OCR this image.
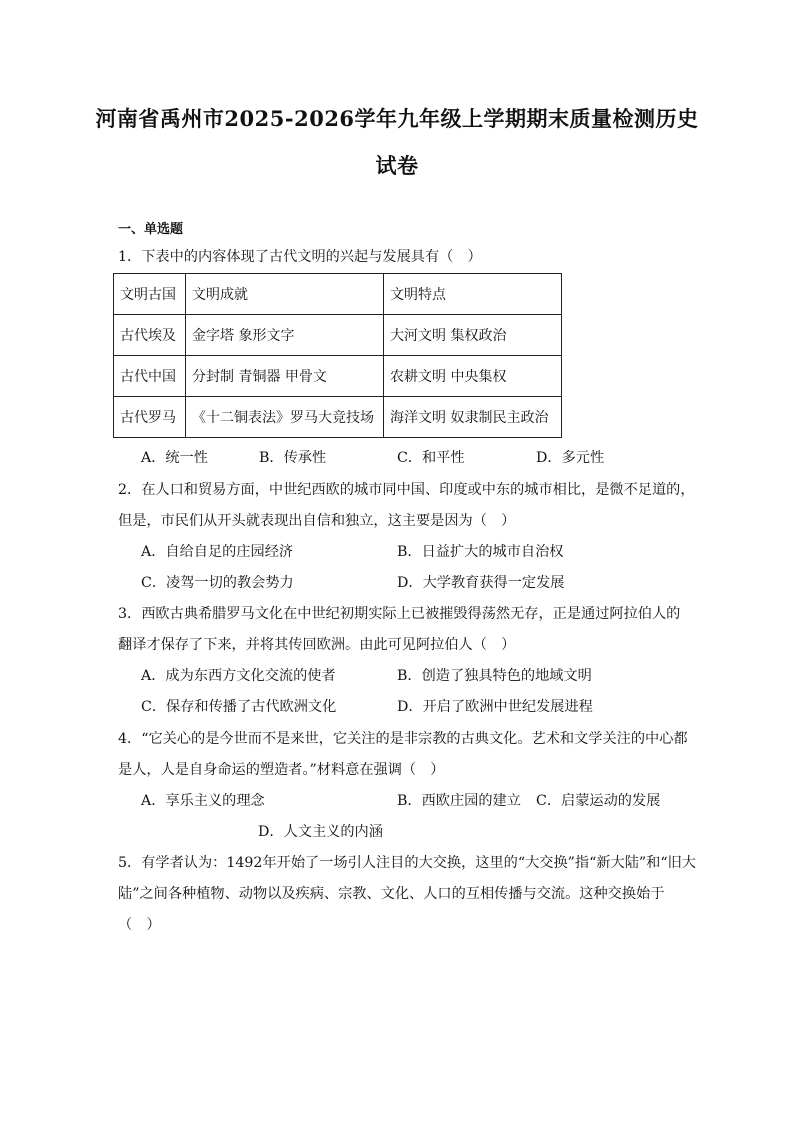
河南省禹州市2025-2026学年九年级上学期期末质量检测历史
试卷
一、单选题
1．下表中的内容体现了古代文明的兴起与发展具有（　）
文明古国	文明成就	文明特点
古代埃及	金字塔 象形文字	大河文明 集权政治
古代中国	分封制 青铜器 甲骨文	农耕文明 中央集权
古代罗马	《十二铜表法》罗马大竞技场	海洋文明 奴隶制民主政治
A．统一性	B．传承性	C．和平性	D．多元性
2．在人口和贸易方面，中世纪西欧的城市同中国、印度或中东的城市相比，是微不足道的，
但是，市民们从开头就表现出自信和独立，这主要是因为（　）
A．自给自足的庄园经济	B．日益扩大的城市自治权
C．凌驾一切的教会势力	D．大学教育获得一定发展
3．西欧古典希腊罗马文化在中世纪初期实际上已被摧毁得荡然无存，正是通过阿拉伯人的
翻译才保存了下来，并将其传回欧洲。由此可见阿拉伯人（　）
A．成为东西方文化交流的使者	B．创造了独具特色的地域文明
C．保存和传播了古代欧洲文化	D．开启了欧洲中世纪发展进程
4．“它关心的是今世而不是来世，它关注的是非宗教的古典文化。艺术和文学关注的中心都
是人，人是自身命运的塑造者。”材料意在强调（　）
A．享乐主义的理念	B．西欧庄园的建立 C．启蒙运动的发展
D．人文主义的内涵
5．有学者认为：1492年开始了一场引人注目的大交换，这里的“大交换”指“新大陆”和“旧大
陆”之间各种植物、动物以及疾病、宗教、文化、人口的互相传播与交流。这种交换始于
（　）
